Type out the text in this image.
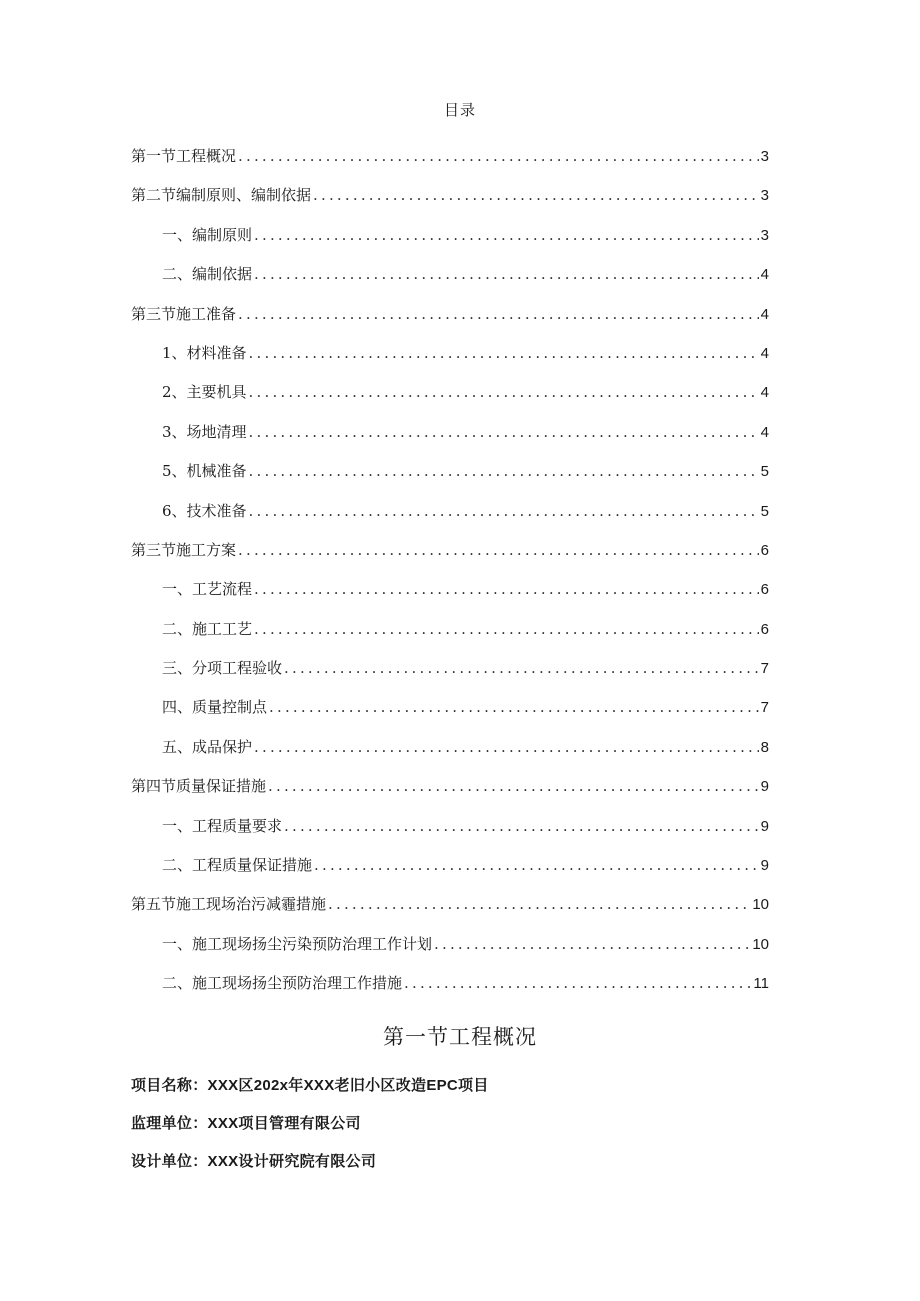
目录
第一节工程概况 .....	3
第二节编制原则、编制依据 .....	3
一、编制原则 .....	3
二、编制依据 .....	4
第三节施工准备 .....	4
1、材料准备 .....	4
2、主要机具 .....	4
3、场地清理 .....	4
5、机械准备 .....	5
6、技术准备 .....	5
第三节施工方案 .....	6
一、工艺流程 .....	6
二、施工工艺 .....	6
三、分项工程验收 .....	7
四、质量控制点 .....	7
五、成品保护 .....	8
第四节质量保证措施 .....	9
一、工程质量要求 .....	9
二、工程质量保证措施 .....	9
第五节施工现场治污减霾措施 .....	10
一、施工现场扬尘污染预防治理工作计划 .....	10
二、施工现场扬尘预防治理工作措施 .....	11
第一节工程概况
项目名称：XXX区202x年XXX老旧小区改造EPC项目
监理单位：XXX项目管理有限公司
设计单位：XXX设计研究院有限公司
